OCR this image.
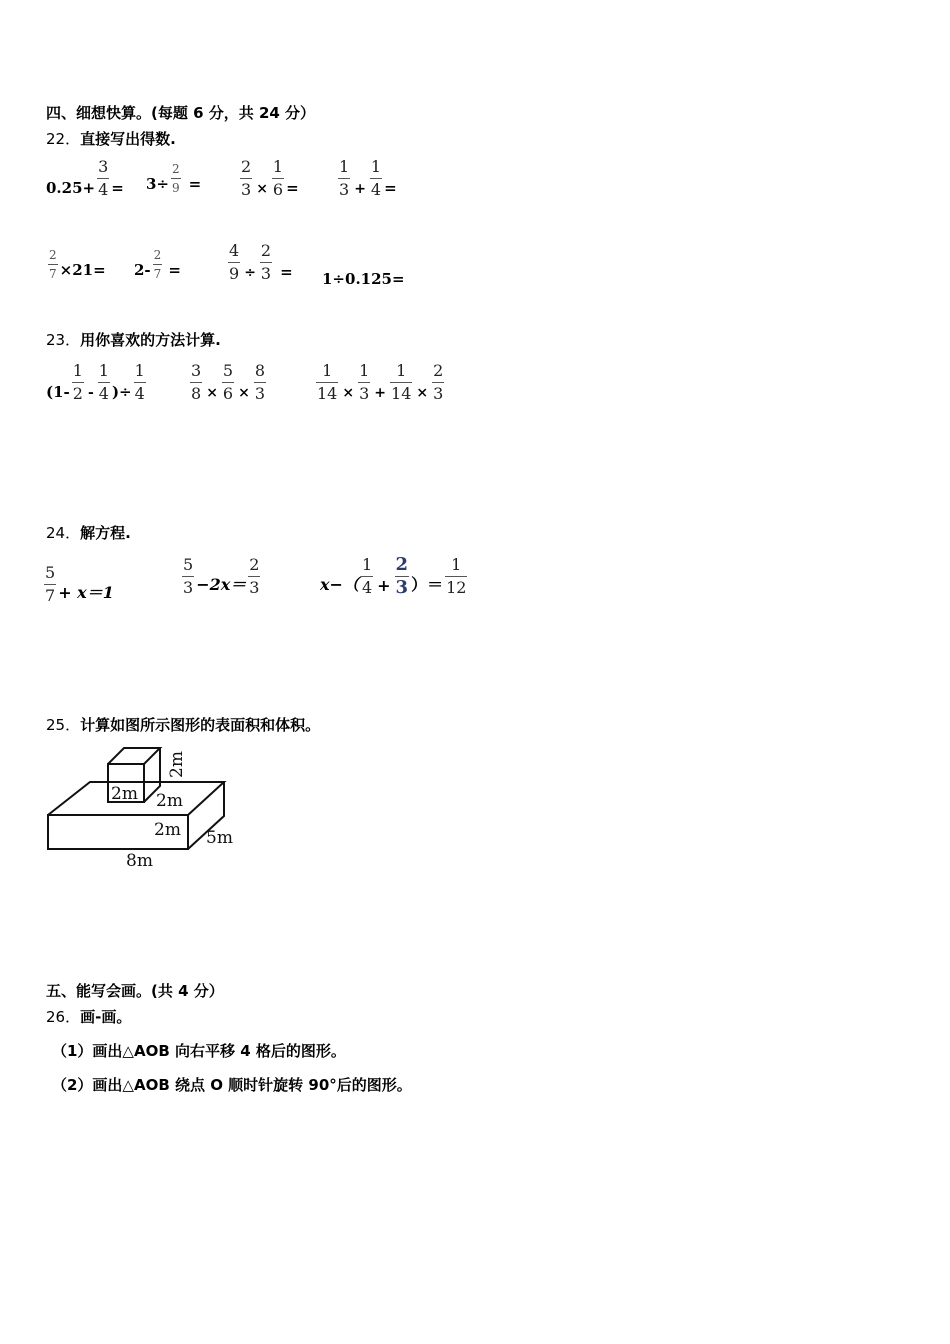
四、细想快算。(每题 6 分，共 24 分）
22．直接写出得数.
$0.25+ \frac{3}{4} = 3\div \frac{2}{9} = \frac{2}{3} \times \frac{1}{6} = \frac{1}{3} + \frac{1}{4}$ =
$\frac{2}{7} \times 21= 2- \frac{2}{7}$ =	$\frac{4}{9} \div \frac{2}{3} = 1\div 0.125=$
23．用你喜欢的方法计算.
($1- \frac{1}{2} - \frac{1}{4}$ )÷ $\frac{1}{4}$	$\frac{3}{8} \times \frac{5}{6} \times \frac{8}{3}$	$\frac{1}{14} \times \frac{1}{3} + \frac{1}{14} \times \frac{2}{3}$
24．解方程.
$\frac{5}{7} + x=1$	$\frac{5}{3} -2x= \frac{2}{3}$	$x-( \frac{1}{4} + \frac{2}{3}$ ）＝ $\frac{1}{12}$
25．计算如图所示图形的表面积和体积。
2m 2m
2m
2m 5m
8m
五、能写会画。(共 4 分）
26．画-画。
（1）画出△AOB 向右平移 4 格后的图形。
（2）画出△AOB 绕点 O 顺时针旋转 90°后的图形。
